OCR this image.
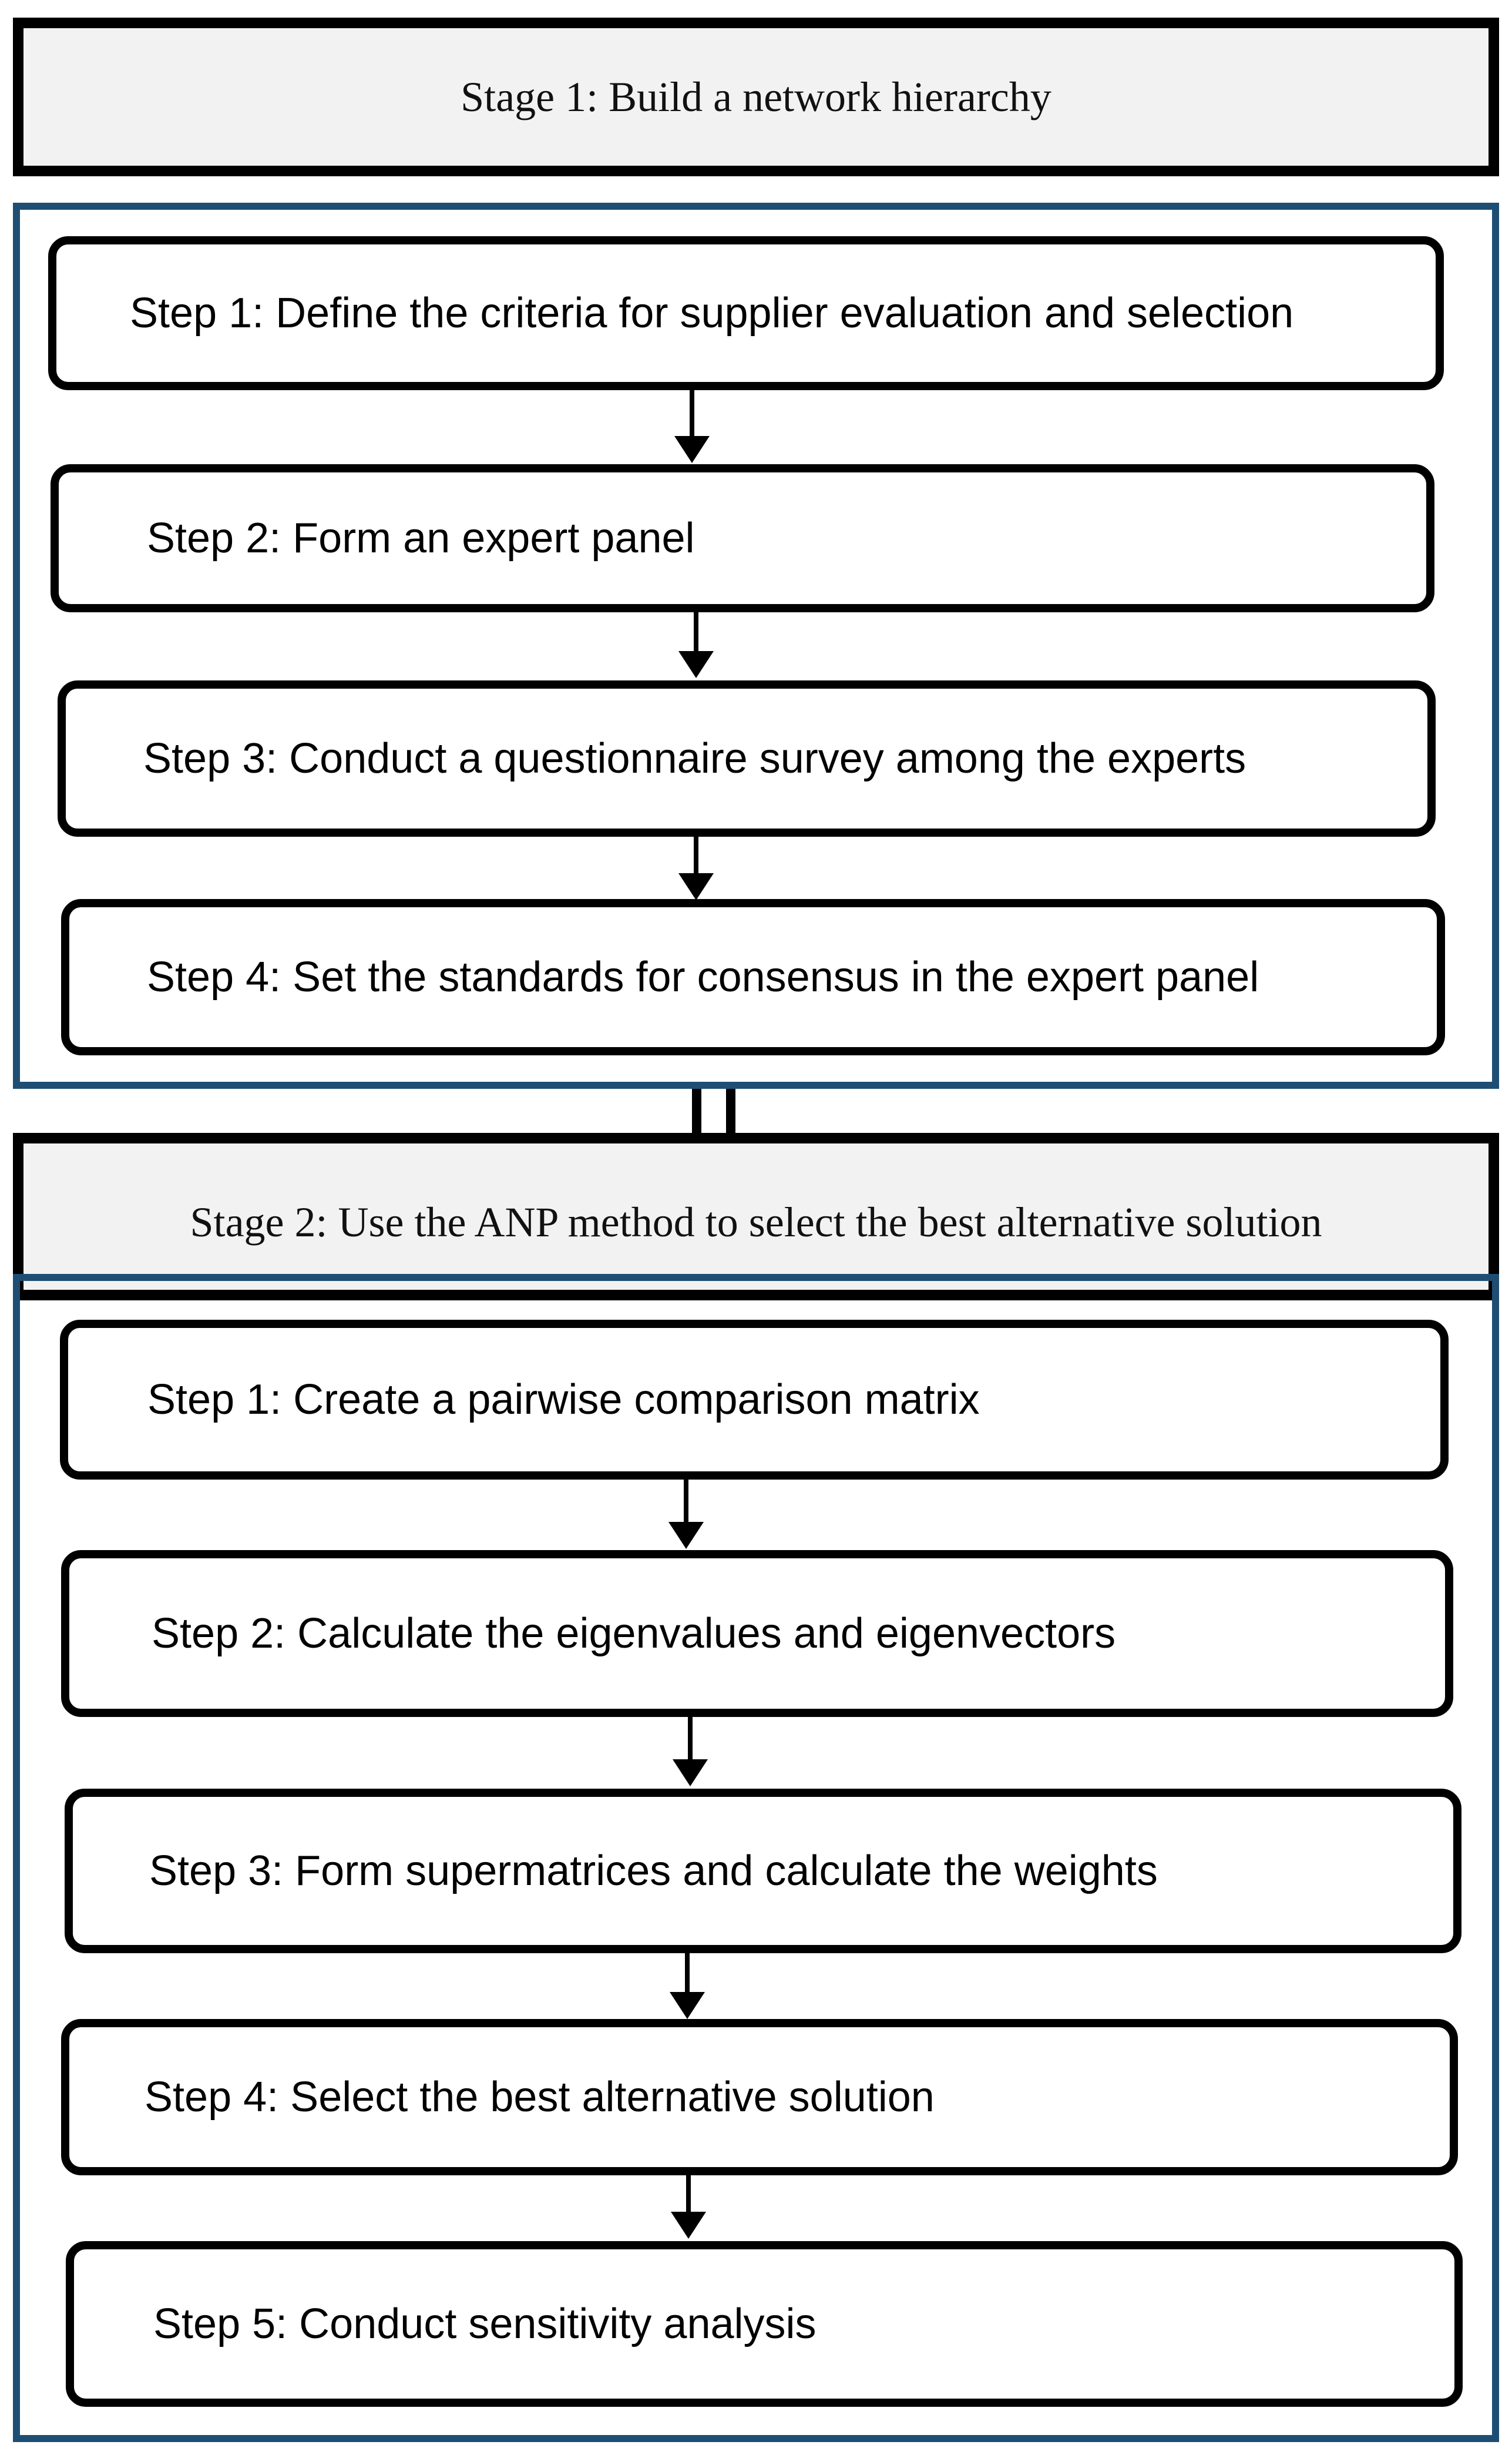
Stage 1: Build a network hierarchy
Step 1: Define the criteria for supplier evaluation and selection
Step 2: Form an expert panel
Step 3: Conduct a questionnaire survey among the experts
Step 4: Set the standards for consensus in the expert panel
Stage 2: Use the ANP method to select the best alternative solution
Step 1: Create a pairwise comparison matrix
Step 2: Calculate the eigenvalues and eigenvectors
Step 3: Form supermatrices and calculate the weights
Step 4: Select the best alternative solution
Step 5: Conduct sensitivity analysis
